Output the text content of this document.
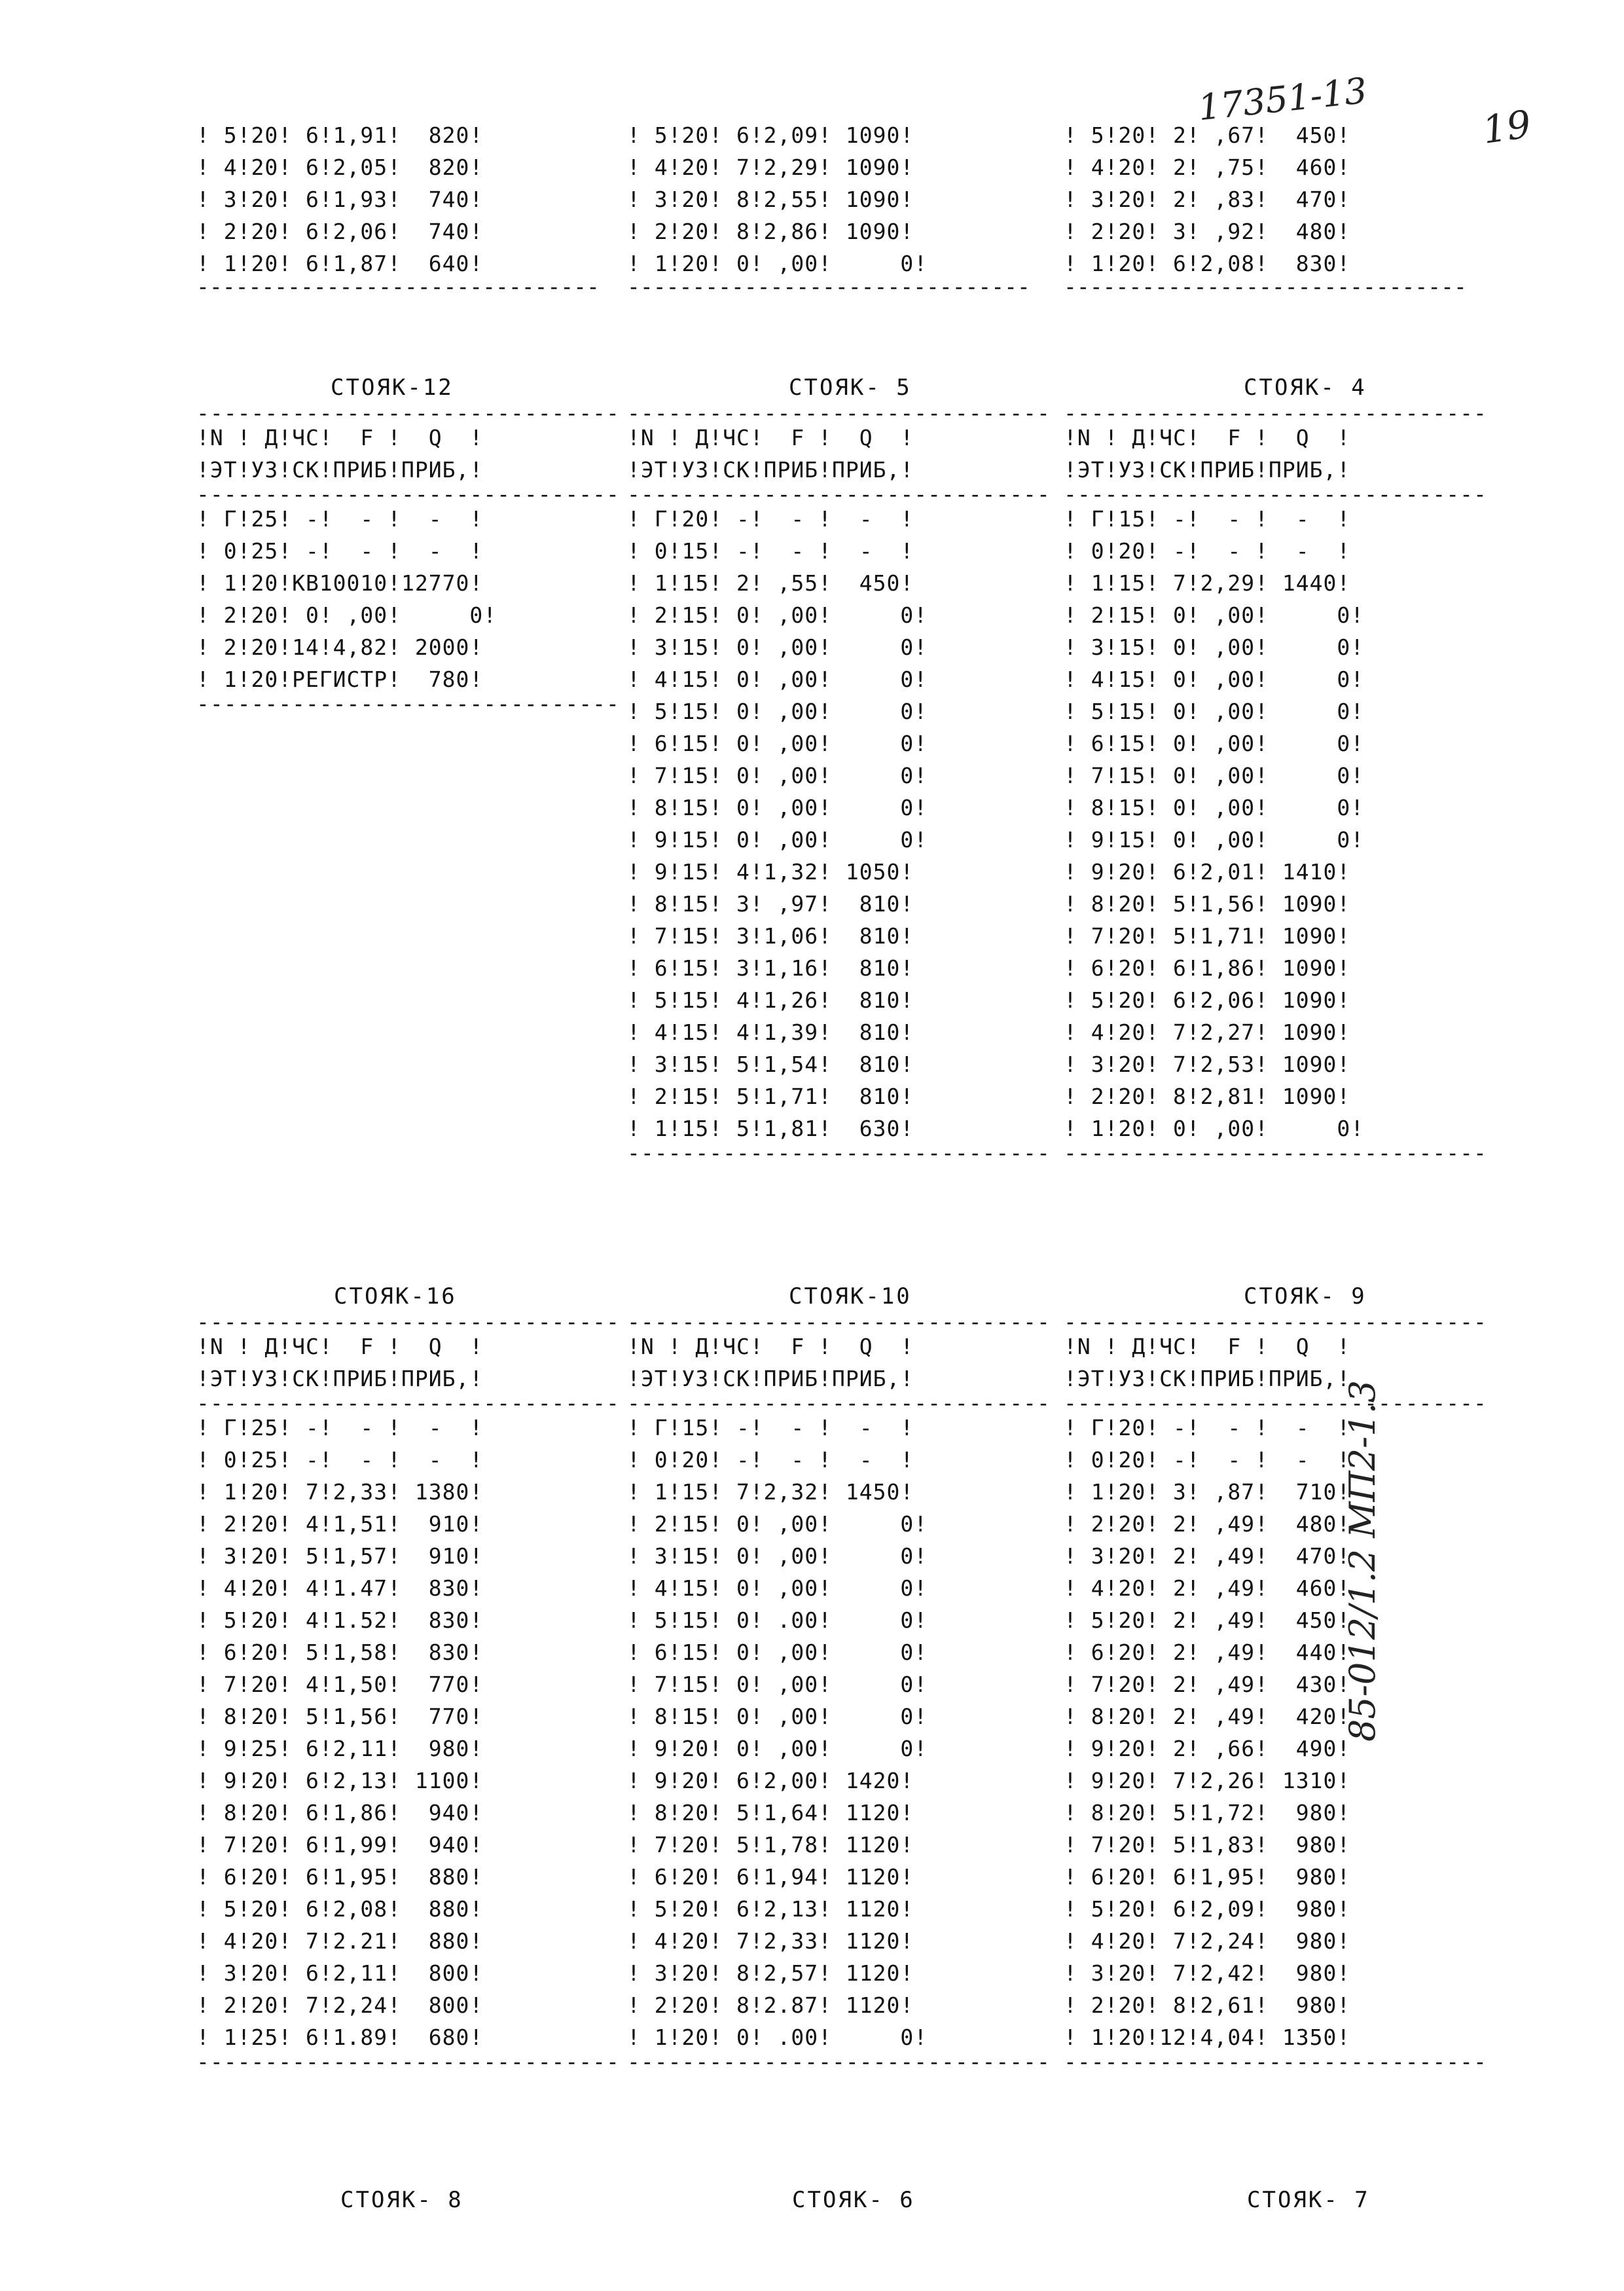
17351-13	19
85-012/1.2 МП2-1.3
! 5!20! 6!1,91!  820!
! 4!20! 6!2,05!  820!
! 3!20! 6!1,93!  740!
! 2!20! 6!2,06!  740!
! 1!20! 6!1,87!  640!
-------------------------------
! 5!20! 6!2,09! 1090!
! 4!20! 7!2,29! 1090!
! 3!20! 8!2,55! 1090!
! 2!20! 8!2,86! 1090!
! 1!20! 0! ,00!     0!
-------------------------------
! 5!20! 2! ,67!  450!
! 4!20! 2! ,75!  460!
! 3!20! 2! ,83!  470!
! 2!20! 3! ,92!  480!
! 1!20! 6!2,08!  830!
-------------------------------
СТОЯК-12	СТОЯК- 5	СТОЯК- 4
-------------------------------
!N ! Д!ЧС!  F !  Q  !
!ЭТ!УЗ!СК!ПРИБ!ПРИБ,!
-------------------------------
! Г!25! -!  - !  -  !
! 0!25! -!  - !  -  !
! 1!20!КВ10010!12770!
! 2!20! 0! ,00!     0!
! 2!20!14!4,82! 2000!
! 1!20!РЕГИСТР!  780!
-------------------------------
-------------------------------
!N ! Д!ЧС!  F !  Q  !
!ЭТ!УЗ!СК!ПРИБ!ПРИБ,!
-------------------------------
! Г!20! -!  - !  -  !
! 0!15! -!  - !  -  !
! 1!15! 2! ,55!  450!
! 2!15! 0! ,00!     0!
! 3!15! 0! ,00!     0!
! 4!15! 0! ,00!     0!
! 5!15! 0! ,00!     0!
! 6!15! 0! ,00!     0!
! 7!15! 0! ,00!     0!
! 8!15! 0! ,00!     0!
! 9!15! 0! ,00!     0!
! 9!15! 4!1,32! 1050!
! 8!15! 3! ,97!  810!
! 7!15! 3!1,06!  810!
! 6!15! 3!1,16!  810!
! 5!15! 4!1,26!  810!
! 4!15! 4!1,39!  810!
! 3!15! 5!1,54!  810!
! 2!15! 5!1,71!  810!
! 1!15! 5!1,81!  630!
-------------------------------
-------------------------------
!N ! Д!ЧС!  F !  Q  !
!ЭТ!УЗ!СК!ПРИБ!ПРИБ,!
-------------------------------
! Г!15! -!  - !  -  !
! 0!20! -!  - !  -  !
! 1!15! 7!2,29! 1440!
! 2!15! 0! ,00!     0!
! 3!15! 0! ,00!     0!
! 4!15! 0! ,00!     0!
! 5!15! 0! ,00!     0!
! 6!15! 0! ,00!     0!
! 7!15! 0! ,00!     0!
! 8!15! 0! ,00!     0!
! 9!15! 0! ,00!     0!
! 9!20! 6!2,01! 1410!
! 8!20! 5!1,56! 1090!
! 7!20! 5!1,71! 1090!
! 6!20! 6!1,86! 1090!
! 5!20! 6!2,06! 1090!
! 4!20! 7!2,27! 1090!
! 3!20! 7!2,53! 1090!
! 2!20! 8!2,81! 1090!
! 1!20! 0! ,00!     0!
-------------------------------
СТОЯК-16	СТОЯК-10	СТОЯК- 9
-------------------------------
!N ! Д!ЧС!  F !  Q  !
!ЭТ!УЗ!СК!ПРИБ!ПРИБ,!
-------------------------------
! Г!25! -!  - !  -  !
! 0!25! -!  - !  -  !
! 1!20! 7!2,33! 1380!
! 2!20! 4!1,51!  910!
! 3!20! 5!1,57!  910!
! 4!20! 4!1.47!  830!
! 5!20! 4!1.52!  830!
! 6!20! 5!1,58!  830!
! 7!20! 4!1,50!  770!
! 8!20! 5!1,56!  770!
! 9!25! 6!2,11!  980!
! 9!20! 6!2,13! 1100!
! 8!20! 6!1,86!  940!
! 7!20! 6!1,99!  940!
! 6!20! 6!1,95!  880!
! 5!20! 6!2,08!  880!
! 4!20! 7!2.21!  880!
! 3!20! 6!2,11!  800!
! 2!20! 7!2,24!  800!
! 1!25! 6!1.89!  680!
-------------------------------
-------------------------------
!N ! Д!ЧС!  F !  Q  !
!ЭТ!УЗ!СК!ПРИБ!ПРИБ,!
-------------------------------
! Г!15! -!  - !  -  !
! 0!20! -!  - !  -  !
! 1!15! 7!2,32! 1450!
! 2!15! 0! ,00!     0!
! 3!15! 0! ,00!     0!
! 4!15! 0! ,00!     0!
! 5!15! 0! .00!     0!
! 6!15! 0! ,00!     0!
! 7!15! 0! ,00!     0!
! 8!15! 0! ,00!     0!
! 9!20! 0! ,00!     0!
! 9!20! 6!2,00! 1420!
! 8!20! 5!1,64! 1120!
! 7!20! 5!1,78! 1120!
! 6!20! 6!1,94! 1120!
! 5!20! 6!2,13! 1120!
! 4!20! 7!2,33! 1120!
! 3!20! 8!2,57! 1120!
! 2!20! 8!2.87! 1120!
! 1!20! 0! .00!     0!
-------------------------------
-------------------------------
!N ! Д!ЧС!  F !  Q  !
!ЭТ!УЗ!СК!ПРИБ!ПРИБ,!
-------------------------------
! Г!20! -!  - !  -  !
! 0!20! -!  - !  -  !
! 1!20! 3! ,87!  710!
! 2!20! 2! ,49!  480!
! 3!20! 2! ,49!  470!
! 4!20! 2! ,49!  460!
! 5!20! 2! ,49!  450!
! 6!20! 2! ,49!  440!
! 7!20! 2! ,49!  430!
! 8!20! 2! ,49!  420!
! 9!20! 2! ,66!  490!
! 9!20! 7!2,26! 1310!
! 8!20! 5!1,72!  980!
! 7!20! 5!1,83!  980!
! 6!20! 6!1,95!  980!
! 5!20! 6!2,09!  980!
! 4!20! 7!2,24!  980!
! 3!20! 7!2,42!  980!
! 2!20! 8!2,61!  980!
! 1!20!12!4,04! 1350!
-------------------------------
СТОЯК- 8	СТОЯК- 6	СТОЯК- 7
